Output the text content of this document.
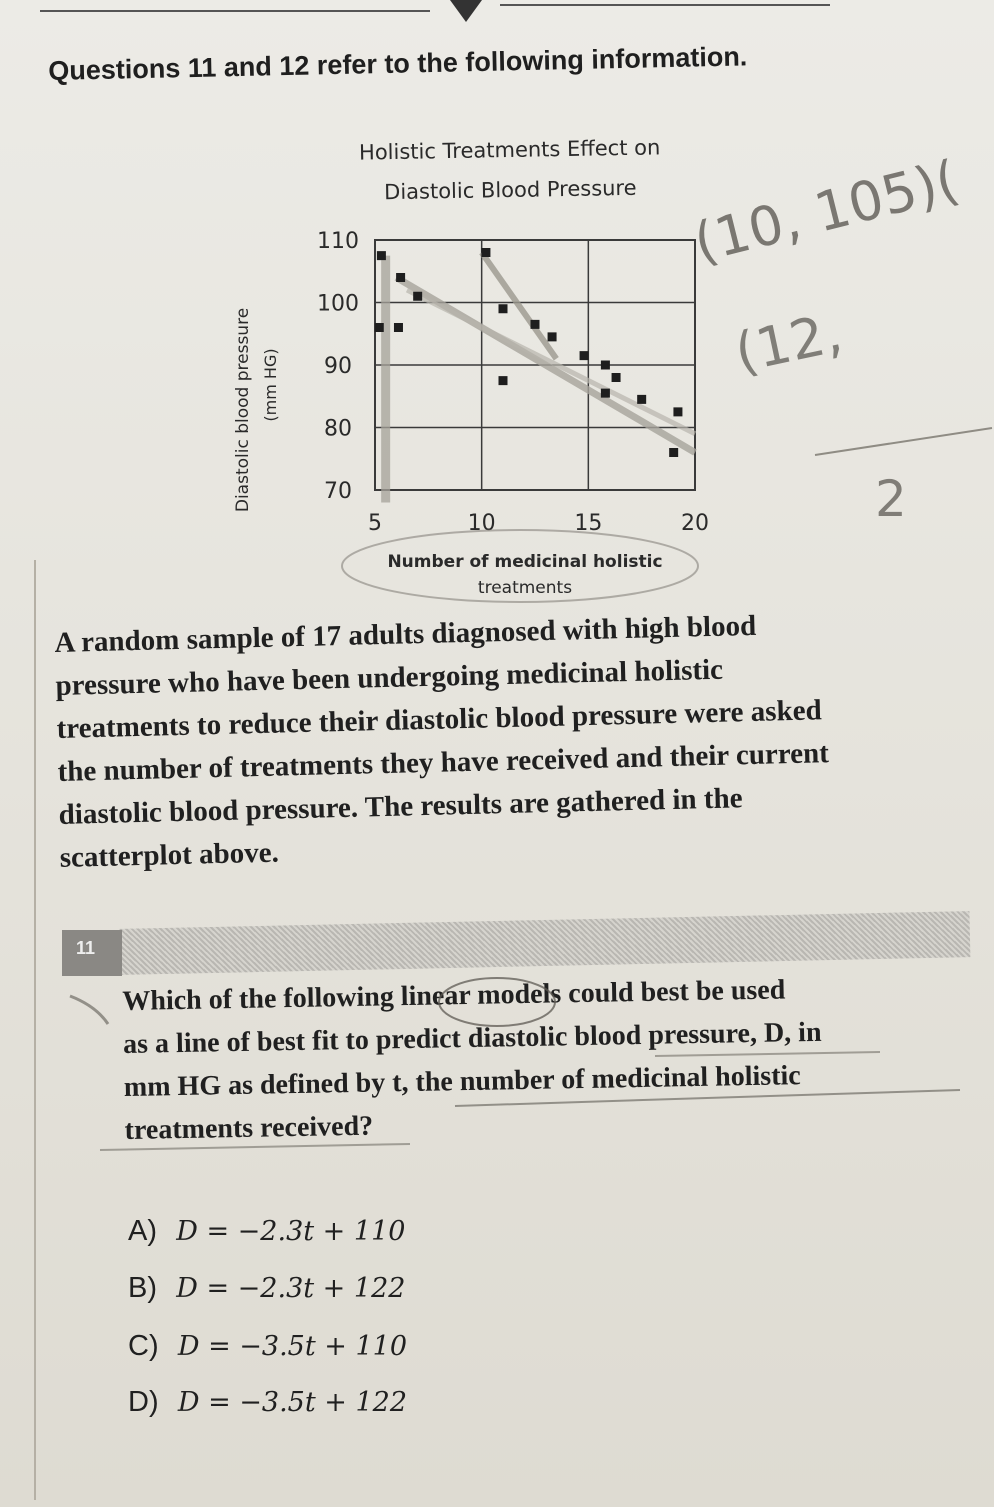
Questions 11 and 12 refer to the following information.
Holistic Treatments Effect on
Diastolic Blood Pressure
110
100
90
80
70
5	10	15	20
Diastolic blood pressure (mm HG)
Number of medicinal holistic
treatments
A random sample of 17 adults diagnosed with high blood
pressure who have been undergoing medicinal holistic
treatments to reduce their diastolic blood pressure were asked
the number of treatments they have received and their current
diastolic blood pressure. The results are gathered in the
scatterplot above.
11
Which of the following linear models could best be used
as a line of best fit to predict diastolic blood pressure, D, in
mm HG as defined by t, the number of medicinal holistic
treatments received?
A) D = −2.3t + 110
B) D = −2.3t + 122
C) D = −3.5t + 110
D) D = −3.5t + 122
(10, 105)(
(12,
2
